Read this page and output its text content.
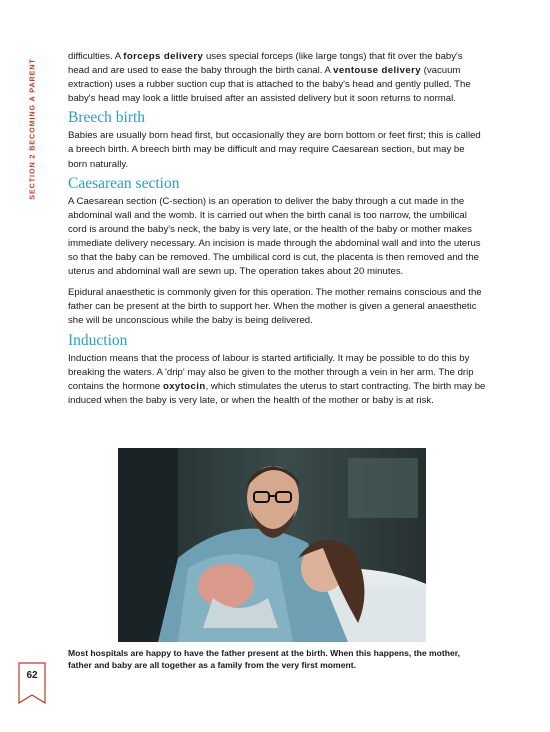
SECTION 2 BECOMING A PARENT

difficulties. A forceps delivery uses special forceps (like large tongs) that fit over the baby's head and are used to ease the baby through the birth canal. A ventouse delivery (vacuum extraction) uses a rubber suction cup that is attached to the baby's head and gently pulled. The baby's head may look a little bruised after an assisted delivery but it soon returns to normal.

Breech birth

Babies are usually born head first, but occasionally they are born bottom or feet first; this is called a breech birth. A breech birth may be difficult and may require Caesarean section, but may be born naturally.

Caesarean section

A Caesarean section (C-section) is an operation to deliver the baby through a cut made in the abdominal wall and the womb. It is carried out when the birth canal is too narrow, the umbilical cord is around the baby's neck, the baby is very late, or the health of the baby or mother makes immediate delivery necessary. An incision is made through the abdominal wall and into the uterus so that the baby can be removed. The umbilical cord is cut, the placenta is then removed and the uterus and abdominal wall are sewn up. The operation takes about 20 minutes.

Epidural anaesthetic is commonly given for this operation. The mother remains conscious and the father can be present at the birth to support her. When the mother is given a general anaesthetic she will be unconscious while the baby is being delivered.

Induction

Induction means that the process of labour is started artificially. It may be possible to do this by breaking the waters. A 'drip' may also be given to the mother through a vein in her arm. The drip contains the hormone oxytocin, which stimulates the uterus to start contracting. The birth may be induced when the baby is very late, or when the health of the mother or baby is at risk.

Most hospitals are happy to have the father present at the birth. When this happens, the mother, father and baby are all together as a family from the very first moment.
62
